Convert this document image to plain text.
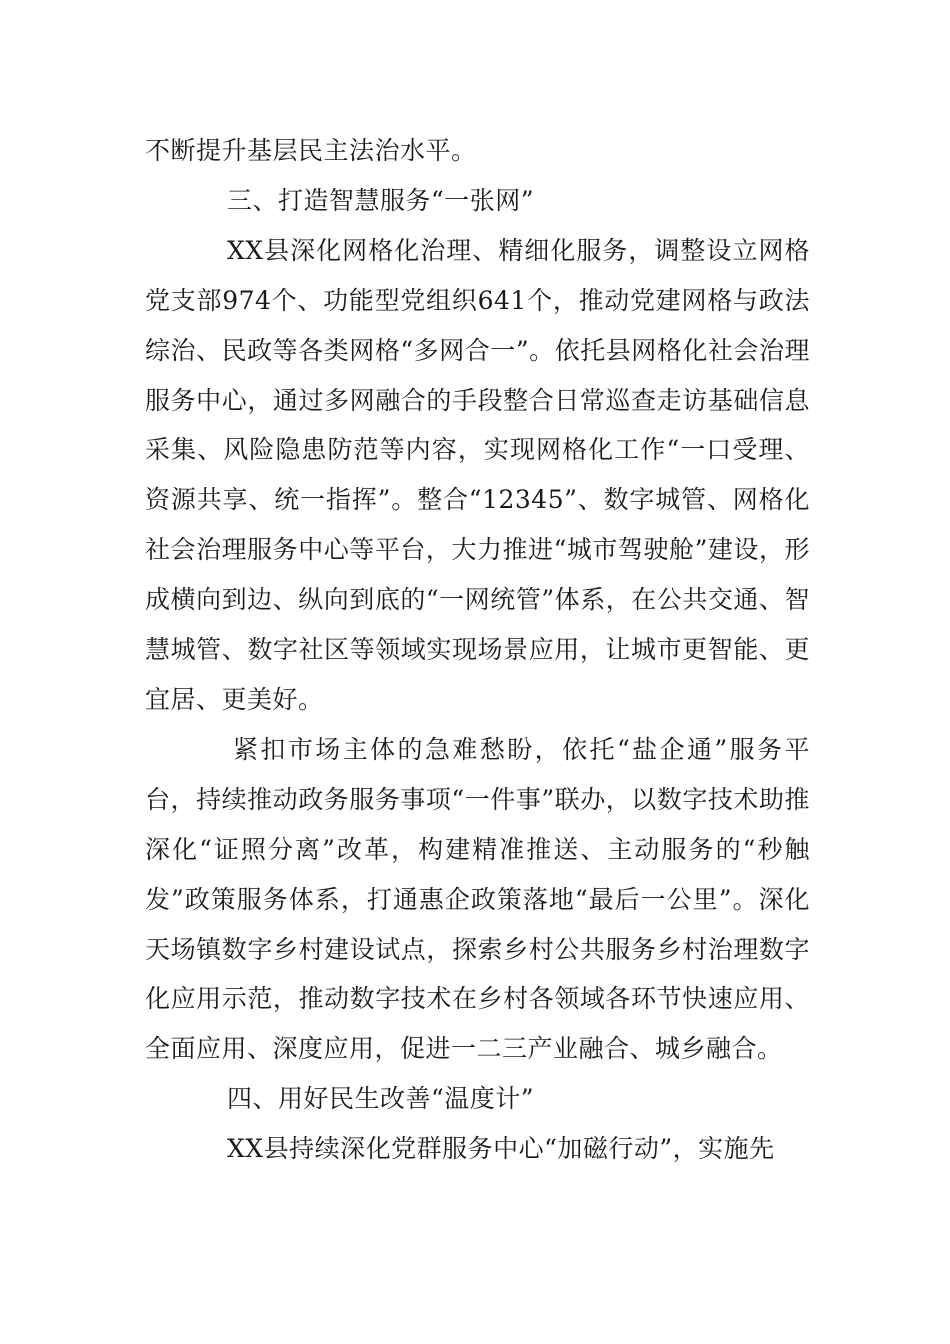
不断提升基层民主法治水平。

三、打造智慧服务“一张网”

XX县深化网格化治理、精细化服务，调整设立网格党支部974个、功能型党组织641个，推动党建网格与政法综治、民政等各类网格“多网合一”。依托县网格化社会治理服务中心，通过多网融合的手段整合日常巡查走访基础信息采集、风险隐患防范等内容，实现网格化工作“一口受理、资源共享、统一指挥”。整合“12345”、数字城管、网格化社会治理服务中心等平台，大力推进“城市驾驶舱”建设，形成横向到边、纵向到底的“一网统管”体系，在公共交通、智慧城管、数字社区等领域实现场景应用，让城市更智能、更宜居、更美好。

紧扣市场主体的急难愁盼，依托“盐企通”服务平台，持续推动政务服务事项“一件事”联办，以数字技术助推深化“证照分离”改革，构建精准推送、主动服务的“秒触发”政策服务体系，打通惠企政策落地“最后一公里”。深化天场镇数字乡村建设试点，探索乡村公共服务乡村治理数字化应用示范，推动数字技术在乡村各领域各环节快速应用、全面应用、深度应用，促进一二三产业融合、城乡融合。

四、用好民生改善“温度计”

XX县持续深化党群服务中心“加磁行动”，实施先
